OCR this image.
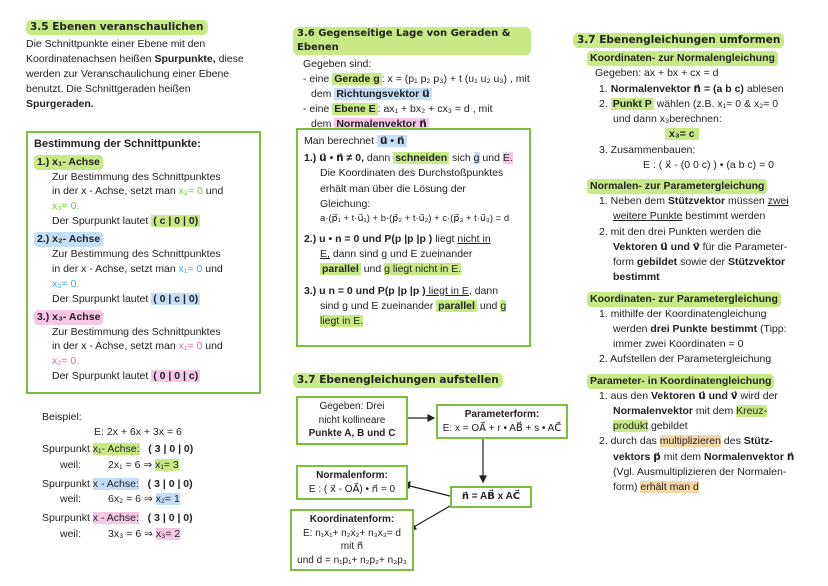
3.5 Ebenen veranschaulichen
Die Schnittpunkte einer Ebene mit den
Koordinatenachsen heißen Spurpunkte, diese
werden zur Veranschaulichung einer Ebene
benutzt. Die Schnittgeraden heißen
Spurgeraden.
Bestimmung der Schnittpunkte:
1.) x₁- Achse
Zur Bestimmung des Schnittpunktes
in der x - Achse, setzt man x₂= 0 und
x₃= 0.
Der Spurpunkt lautet ( c | 0 | 0)
2.) x₂- Achse
Zur Bestimmung des Schnittpunktes
in der x - Achse, setzt man x₁= 0 und
x₃= 0.
Der Spurpunkt lautet ( 0 | c | 0)
3.) x₃- Achse
Zur Bestimmung des Schnittpunktes
in der x - Achse, setzt man x₁= 0 und
x₂= 0.
Der Spurpunkt lautet ( 0 | 0 | c)
Beispiel:
E: 2x + 6x + 3x = 6
Spurpunkt x₁- Achse: ( 3 | 0 | 0)
weil:	2x₁ = 6 ⇒ x₁= 3
Spurpunkt x - Achse: ( 3 | 0 | 0)
weil:	6x₂ = 6 ⇒ x₂= 1
Spurpunkt x - Achse: ( 3 | 0 | 0)
weil:	3x₃ = 6 ⇒ x₃= 2
3.6 Gegenseitige Lage von Geraden & Ebenen
Gegeben sind:
- eine Gerade g : x = (p₁ p₂ p₃) + t (u₁ u₂ u₃) , mit
dem Richtungsvektor u⃗
- eine Ebene E : ax₁ + bx₂ + cx₃ = d , mit
dem Normalenvektor n⃗
Man berechnet u⃗ • n⃗
1.) u⃗ • n⃗ ≠ 0, dann schneiden sich g und E.
Die Koordinaten des Durchstoßpunktes
erhält man über die Lösung der
Gleichung:
a·(p⃗₁ + t·u⃗₁) + b·(p⃗₂ + t·u⃗₂) + c·(p⃗₃ + t·u⃗₃) = d
2.) u • n = 0 und P(p |p |p ) liegt nicht in
E, dann sind g und E zueinander
parallel und g liegt nicht in E.
3.) u n = 0 und P(p |p |p ) liegt in E, dann
sind g und E zueinander parallel und g
liegt in E.
3.7 Ebenengleichungen aufstellen
Gegeben: Drei
nicht kollineare
Punkte A, B und C
Parameterform:
E: x = OA⃗ + r • AB⃗ + s • AC⃗
Normalenform:
E : ( x⃗ - OA⃗) • n⃗ = 0
n⃗ = AB⃗ x AC⃗
Koordinatenform:
E: n₁x₁+ n₂x₂+ n₃x₃= d
mit n⃗
und d = n₁p₁+ n₂p₂+ n₃p₃
3.7 Ebenengleichungen umformen
Koordinaten- zur Normalengleichung
Gegeben: ax + bx + cx = d
1. Normalenvektor n⃗ = (a b c) ablesen
2. Punkt P wählen (z.B. x₁= 0 & x₂= 0
und dann x₃berechnen:
x₃= c
3. Zusammenbauen:
E : ( x⃗ - (0 0 c) ) • (a b c) = 0
Normalen- zur Parametergleichung
1. Neben dem Stützvektor müssen zwei
weitere Punkte bestimmt werden
2. mit den drei Punkten werden die
Vektoren u⃗ und v⃗ für die Parameter-
form gebildet sowie der Stützvektor
bestimmt
Koordinaten- zur Parametergleichung
1. mithilfe der Koordinatengleichung
werden drei Punkte bestimmt (Tipp:
immer zwei Koordinaten = 0
2. Aufstellen der Parametergleichung
Parameter- in Koordinatengleichung
1. aus den Vektoren u⃗ und v⃗ wird der
Normalenvektor mit dem Kreuz-
produkt gebildet
2. durch das multiplizieren des Stütz-
vektors p⃗ mit dem Normalenvektor n⃗
(Vgl. Ausmultiplizieren der Normalen-
form) erhält man d
